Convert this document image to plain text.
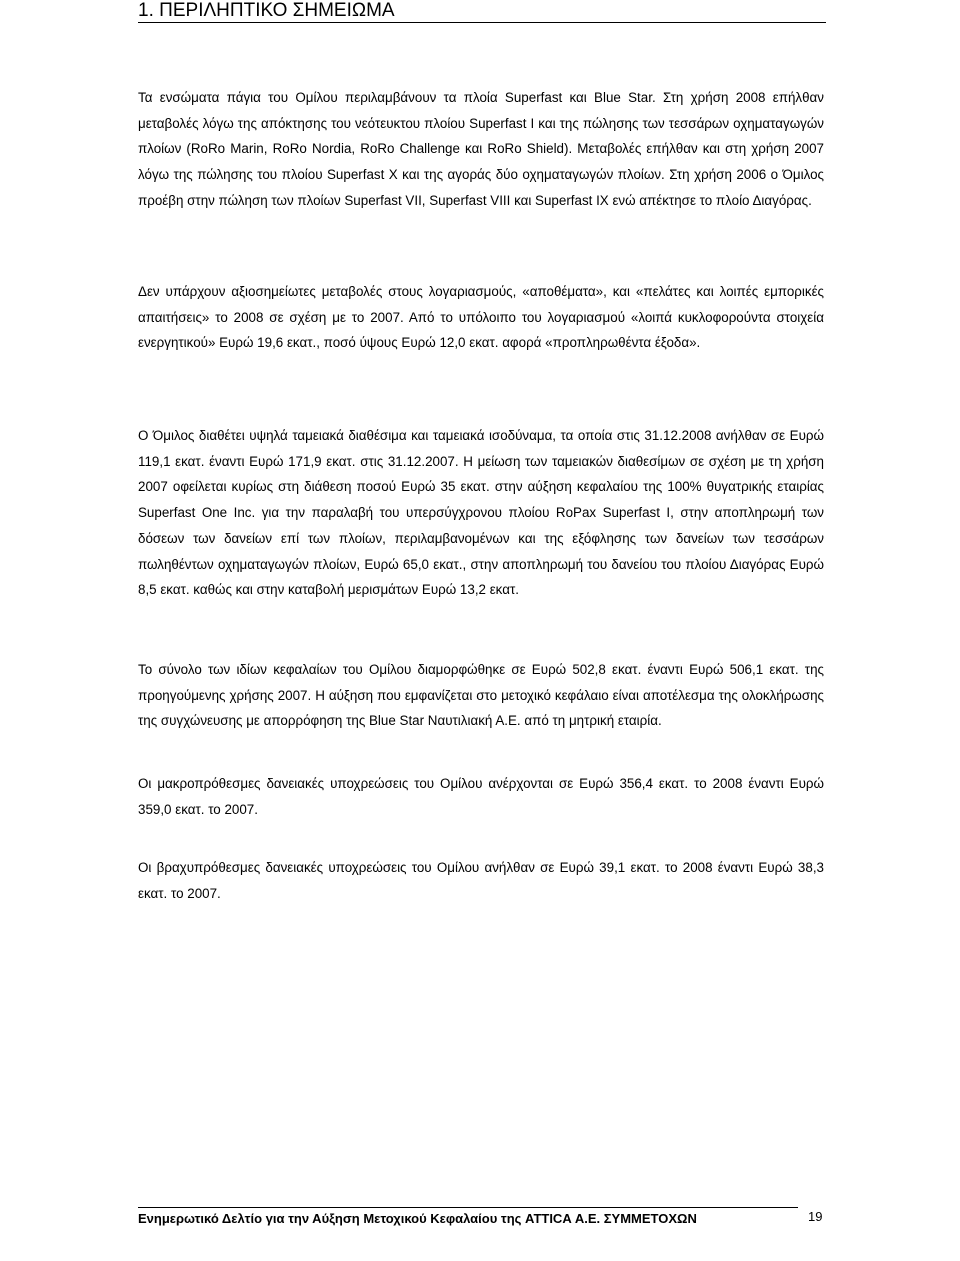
1. ΠΕΡΙΛΗΠΤΙΚΟ ΣΗΜΕΙΩΜΑ

Τα ενσώματα πάγια του Ομίλου περιλαμβάνουν τα πλοία Superfast και Blue Star. Στη χρήση 2008 επήλθαν μεταβολές λόγω της απόκτησης του νεότευκτου πλοίου Superfast I και της πώλησης των τεσσάρων οχηματαγωγών πλοίων (RoRo Marin, RoRo Nordia, RoRo Challenge και RoRo Shield). Μεταβολές επήλθαν και στη χρήση 2007 λόγω της πώλησης του πλοίου Superfast X και της αγοράς δύο οχηματαγωγών πλοίων. Στη χρήση 2006 ο Όμιλος προέβη στην πώληση των πλοίων Superfast VII, Superfast VIII και Superfast IX ενώ απέκτησε το πλοίο Διαγόρας.

Δεν υπάρχουν αξιοσημείωτες μεταβολές στους λογαριασμούς, «αποθέματα», και «πελάτες και λοιπές εμπορικές απαιτήσεις» το 2008 σε σχέση με το 2007. Από το υπόλοιπο του λογαριασμού «λοιπά κυκλοφορούντα στοιχεία ενεργητικού» Ευρώ 19,6 εκατ., ποσό ύψους Ευρώ 12,0 εκατ. αφορά «προπληρωθέντα έξοδα».

Ο Όμιλος διαθέτει υψηλά ταμειακά διαθέσιμα και ταμειακά ισοδύναμα, τα οποία στις 31.12.2008 ανήλθαν σε Ευρώ 119,1 εκατ. έναντι Ευρώ 171,9 εκατ. στις 31.12.2007. Η μείωση των ταμειακών διαθεσίμων σε σχέση με τη χρήση 2007 οφείλεται κυρίως στη διάθεση ποσού Ευρώ 35 εκατ. στην αύξηση κεφαλαίου της 100% θυγατρικής εταιρίας Superfast One Inc. για την παραλαβή του υπερσύγχρονου πλοίου RoPax Superfast I, στην αποπληρωμή των δόσεων των δανείων επί των πλοίων, περιλαμβανομένων και της εξόφλησης των δανείων των τεσσάρων πωληθέντων οχηματαγωγών πλοίων, Ευρώ 65,0 εκατ., στην αποπληρωμή του δανείου του πλοίου Διαγόρας Ευρώ 8,5 εκατ. καθώς και στην καταβολή μερισμάτων Ευρώ 13,2 εκατ.

Το σύνολο των ιδίων κεφαλαίων του Ομίλου διαμορφώθηκε σε Ευρώ 502,8 εκατ. έναντι Ευρώ 506,1 εκατ. της προηγούμενης χρήσης 2007. Η αύξηση που εμφανίζεται στο μετοχικό κεφάλαιο είναι αποτέλεσμα της ολοκλήρωσης της συγχώνευσης με απορρόφηση της Blue Star Ναυτιλιακή Α.Ε. από τη μητρική εταιρία.

Οι μακροπρόθεσμες δανειακές υποχρεώσεις του Ομίλου ανέρχονται σε Ευρώ 356,4 εκατ. το 2008 έναντι Ευρώ 359,0 εκατ. το 2007.

Οι βραχυπρόθεσμες δανειακές υποχρεώσεις του Ομίλου ανήλθαν σε Ευρώ 39,1 εκατ. το 2008 έναντι Ευρώ 38,3 εκατ. το 2007.

Ενημερωτικό Δελτίο για την Αύξηση Μετοχικού Κεφαλαίου της ATTICA Α.Ε. ΣΥΜΜΕΤΟΧΩΝ	19
